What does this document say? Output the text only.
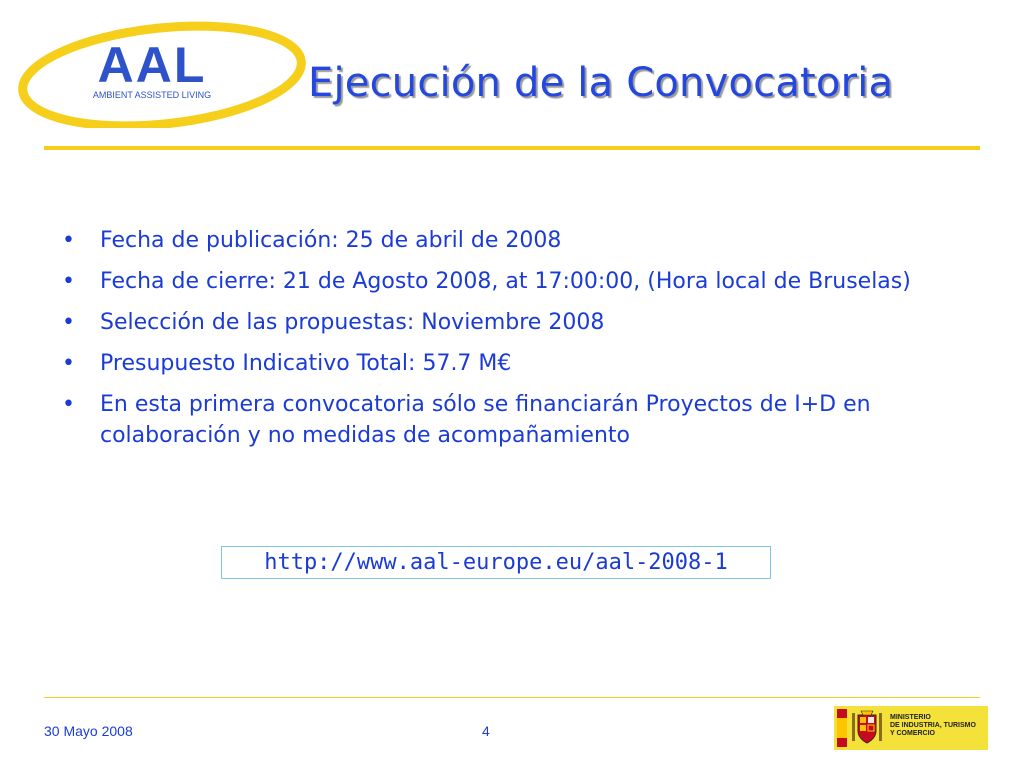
AAL
AMBIENT ASSISTED LIVING Ejecución de la Convocatoria
• Fecha de publicación: 25 de abril de 2008
• Fecha de cierre: 21 de Agosto 2008, at 17:00:00, (Hora local de Bruselas)
• Selección de las propuestas: Noviembre 2008
• Presupuesto Indicativo Total: 57.7 M€
• En esta primera convocatoria sólo se financiarán Proyectos de I+D en colaboración y no medidas de acompañamiento
http://www.aal-europe.eu/aal-2008-1
30 Mayo 2008	4
MINISTERIO
DE INDUSTRIA, TURISMO
Y COMERCIO
